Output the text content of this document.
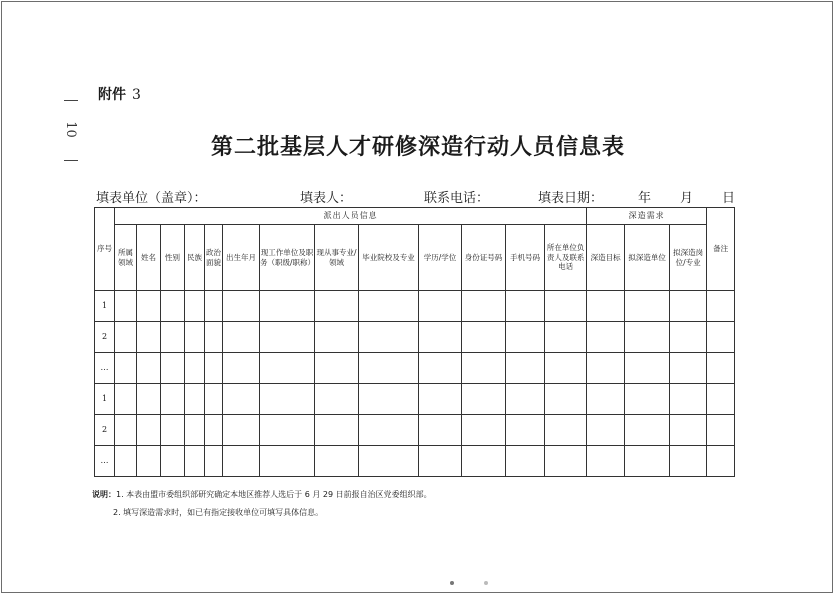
10
附件 3
第二批基层人才研修深造行动人员信息表
填表单位（盖章）：	填表人：	联系电话：	填表日期：	年 月 日
序号	派出人员信息													深造需求			备注
	所属领域	姓名	性别	民族	政治面貌	出生年月	现工作单位及职务（职级/职称）	现从事专业/领域	毕业院校及专业	学历/学位	身份证号码	手机号码	所在单位负责人及联系电话	深造目标	拟深造单位	拟深造岗位/专业	
1																	
2																	
…																	
1																	
2																	
…																	
说明：1. 本表由盟市委组织部研究确定本地区推荐人选后于 6 月 29 日前报自治区党委组织部。
2. 填写深造需求时，如已有指定接收单位可填写具体信息。
